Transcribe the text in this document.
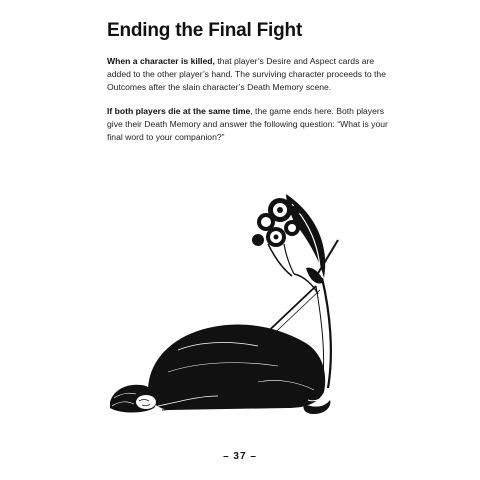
Ending the Final Fight

When a character is killed, that player’s Desire and Aspect cards are added to the other player’s hand. The surviving character proceeds to the Outcomes after the slain character’s Death Memory scene.

If both players die at the same time, the game ends here. Both players give their Death Memory and answer the following question: “What is your final word to your companion?”

– 37 –
